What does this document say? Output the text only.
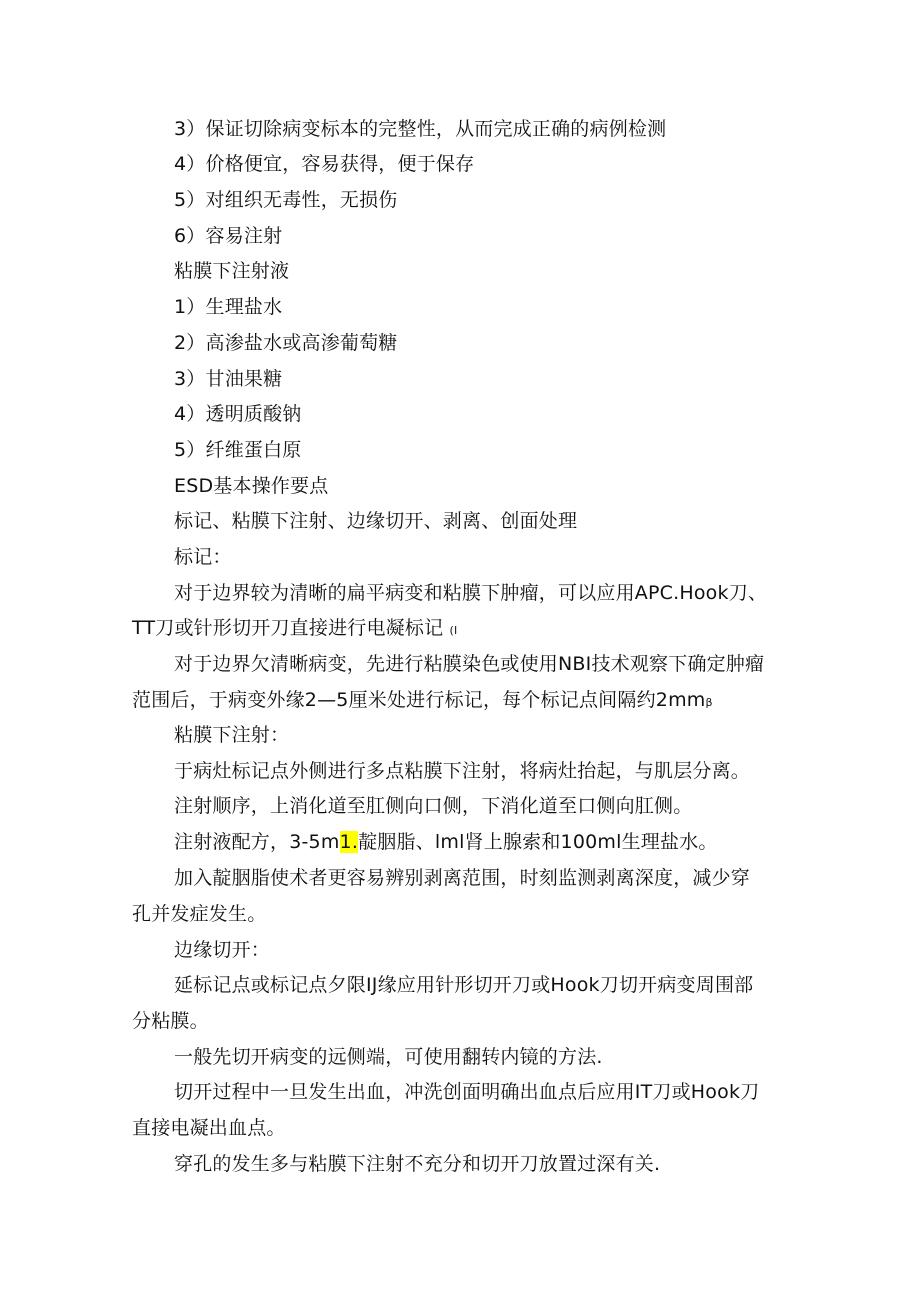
3）保证切除病变标本的完整性，从而完成正确的病例检测
4）价格便宜，容易获得，便于保存
5）对组织无毒性，无损伤
6）容易注射
粘膜下注射液
1）生理盐水
2）高渗盐水或高渗葡萄糖
3）甘油果糖
4）透明质酸钠
5）纤维蛋白原
ESD基本操作要点
标记、粘膜下注射、边缘切开、剥离、创面处理
标记：
对于边界较为清晰的扁平病变和粘膜下肿瘤，可以应用APC.Hook刀、
TT刀或针形切开刀直接进行电凝标记 (I
对于边界欠清晰病变，先进行粘膜染色或使用NBI技术观察下确定肿瘤
范围后，于病变外缘2—5厘米处进行标记，每个标记点间隔约2mmβ
粘膜下注射：
于病灶标记点外侧进行多点粘膜下注射，将病灶抬起，与肌层分离。
注射顺序，上消化道至肛侧向口侧，下消化道至口侧向肛侧。
注射液配方，3-5m1.靛胭脂、lml肾上腺索和100ml生理盐水。
加入靛胭脂使术者更容易辨别剥离范围，时刻监测剥离深度，减少穿
孔并发症发生。
边缘切开：
延标记点或标记点夕限IJ缘应用针形切开刀或Hook刀切开病变周围部
分粘膜。
一般先切开病变的远侧端，可使用翻转内镜的方法.
切开过程中一旦发生出血，冲洗创面明确出血点后应用IT刀或Hook刀
直接电凝出血点。
穿孔的发生多与粘膜下注射不充分和切开刀放置过深有关.
